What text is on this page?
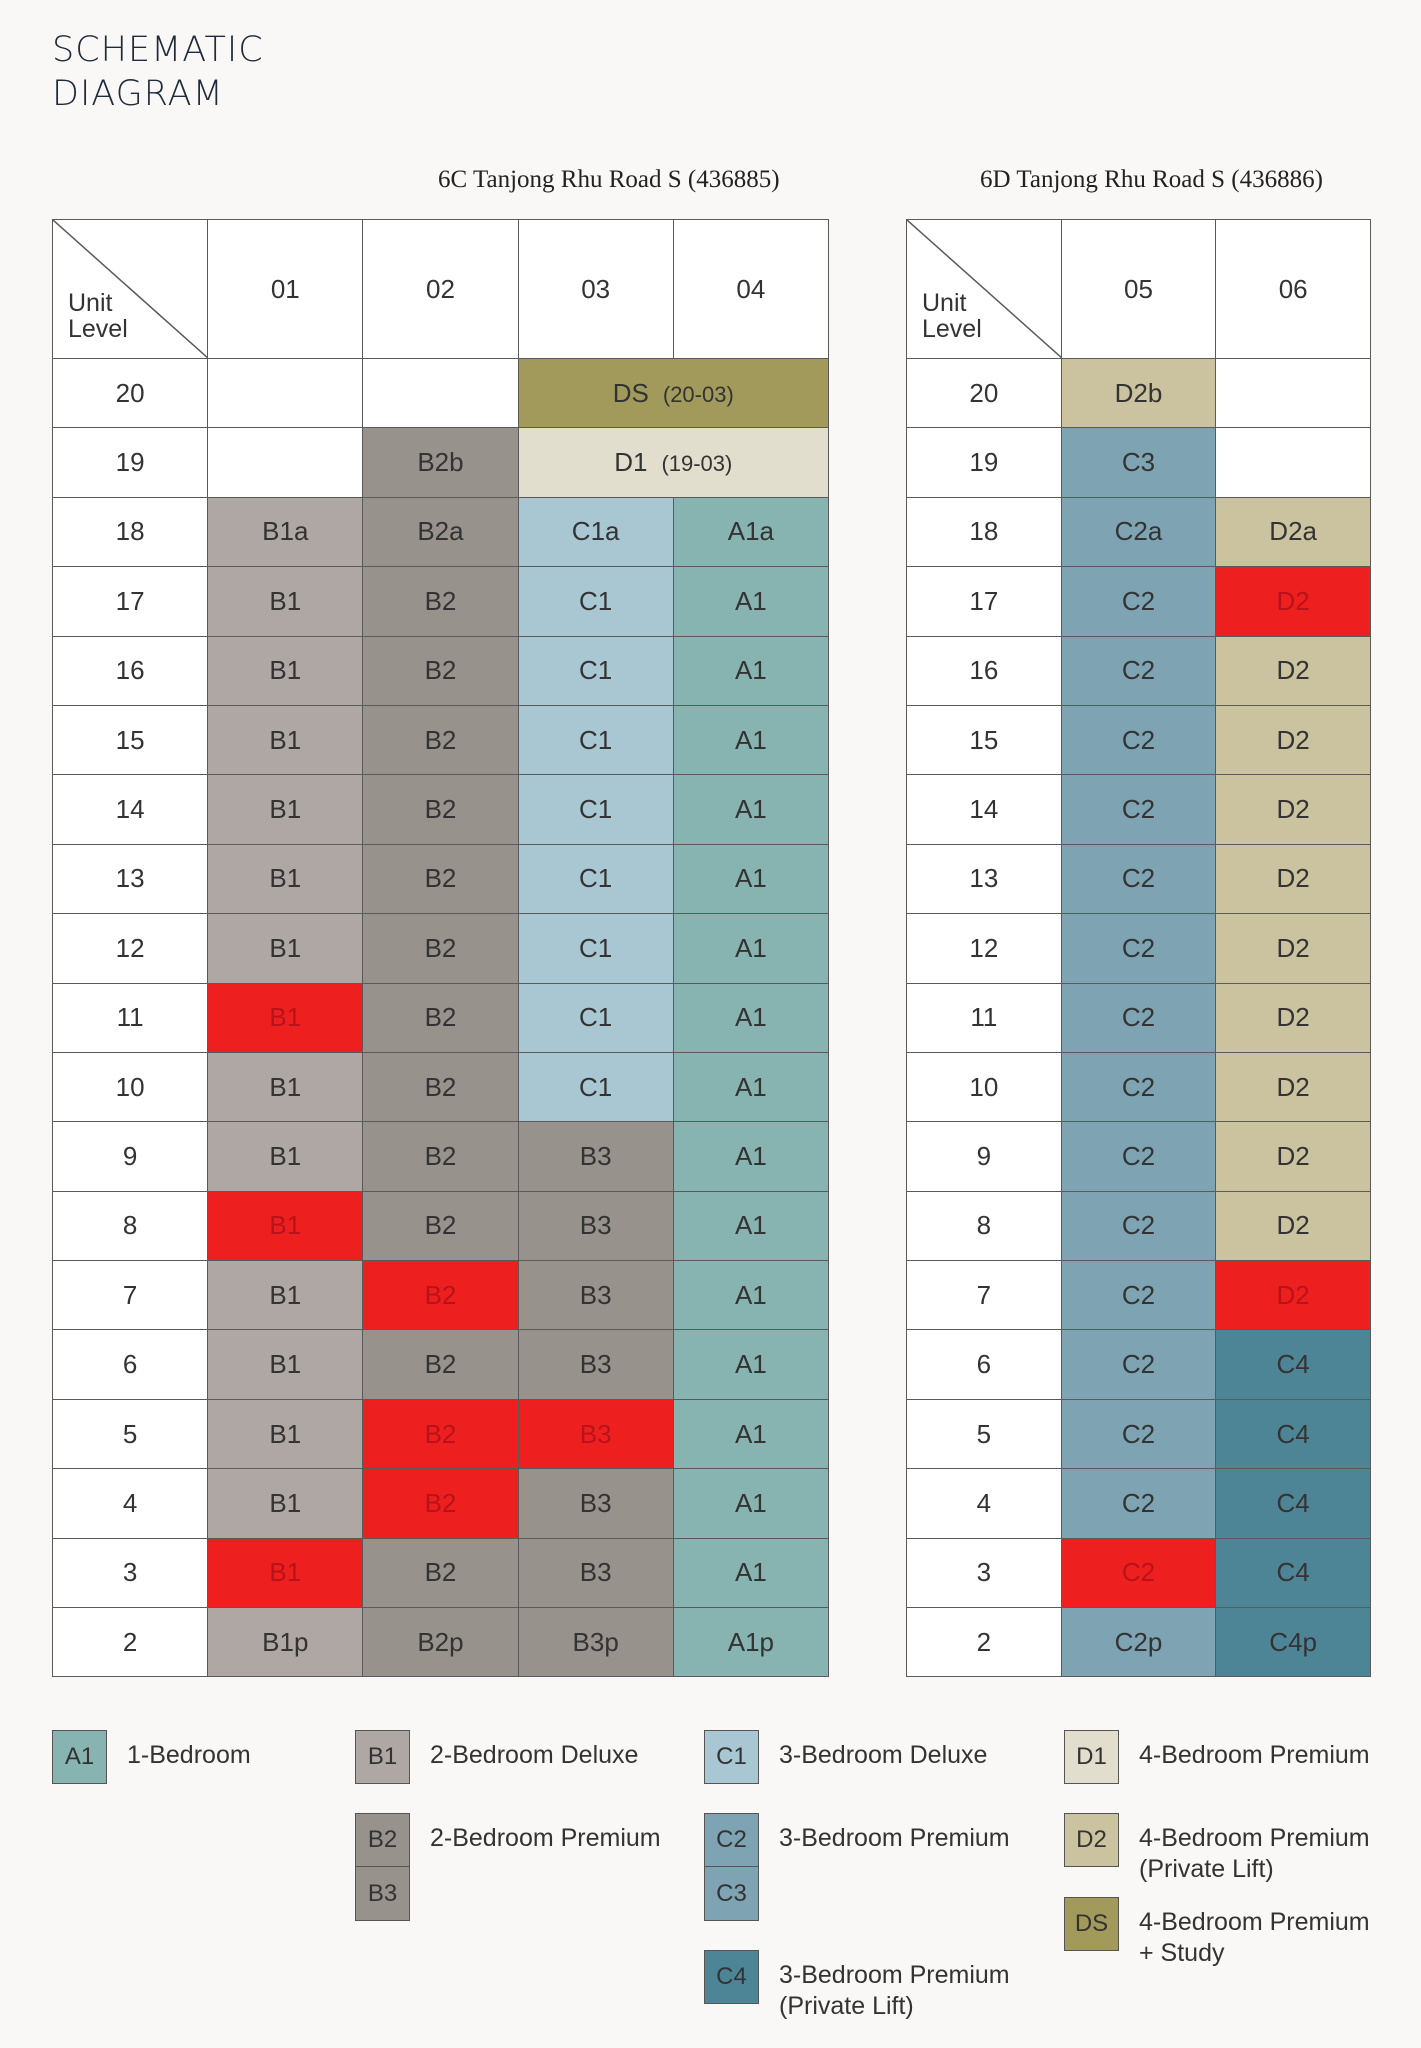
SCHEMATIC
DIAGRAM
6C Tanjong Rhu Road S (436885)	6D Tanjong Rhu Road S (436886)
Unit
Level	01	02	03	04
20			DS (20-03)	
19		B2b	D1 (19-03)	
18	B1a	B2a	C1a	A1a
17	B1	B2	C1	A1
16	B1	B2	C1	A1
15	B1	B2	C1	A1
14	B1	B2	C1	A1
13	B1	B2	C1	A1
12	B1	B2	C1	A1
11	B1	B2	C1	A1
10	B1	B2	C1	A1
9	B1	B2	B3	A1
8	B1	B2	B3	A1
7	B1	B2	B3	A1
6	B1	B2	B3	A1
5	B1	B2	B3	A1
4	B1	B2	B3	A1
3	B1	B2	B3	A1
2	B1p	B2p	B3p	A1p
Unit
Level	05	06
20	D2b	
19	C3	
18	C2a	D2a
17	C2	D2
16	C2	D2
15	C2	D2
14	C2	D2
13	C2	D2
12	C2	D2
11	C2	D2
10	C2	D2
9	C2	D2
8	C2	D2
7	C2	D2
6	C2	C4
5	C2	C4
4	C2	C4
3	C2	C4
2	C2p	C4p
A1	1-Bedroom	B1	2-Bedroom Deluxe
B2
B3
2-Bedroom Premium
C1	3-Bedroom Deluxe
C2
C3
3-Bedroom Premium
C4	3-Bedroom Premium
(Private Lift)
D1	4-Bedroom Premium
D2	4-Bedroom Premium
(Private Lift)
DS	4-Bedroom Premium
+ Study
